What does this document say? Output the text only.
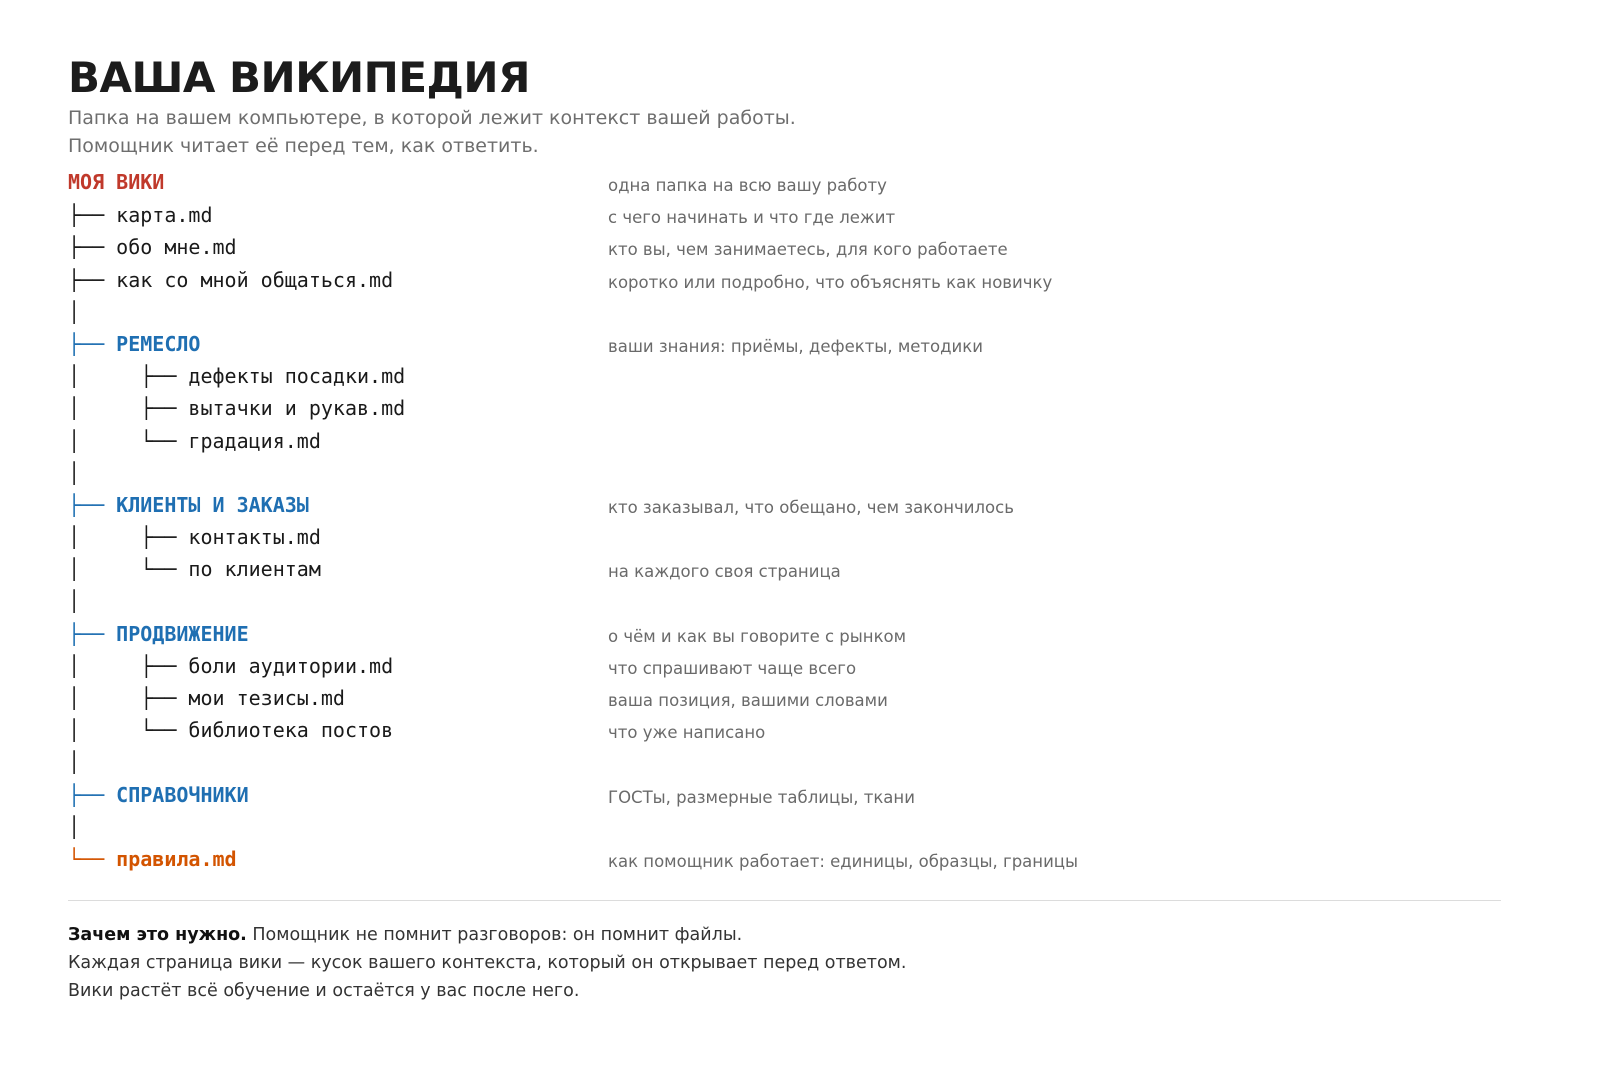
ВАША ВИКИПЕДИЯ

Папка на вашем компьютере, в которой лежит контекст вашей работы.
Помощник читает её перед тем, как ответить.

МОЯ ВИКИ	одна папка на всю вашу работу
├── карта.md	с чего начинать и что где лежит
├── обо мне.md	кто вы, чем занимаетесь, для кого работаете
├── как со мной общаться.md	коротко или подробно, что объяснять как новичку
│
├── РЕМЕСЛО	ваши знания: приёмы, дефекты, методики
│     ├── дефекты посадки.md
│     ├── вытачки и рукав.md
│     └── градация.md
│
├── КЛИЕНТЫ И ЗАКАЗЫ	кто заказывал, что обещано, чем закончилось
│     ├── контакты.md
│     └── по клиентам	на каждого своя страница
│
├── ПРОДВИЖЕНИЕ	о чём и как вы говорите с рынком
│     ├── боли аудитории.md	что спрашивают чаще всего
│     ├── мои тезисы.md	ваша позиция, вашими словами
│     └── библиотека постов	что уже написано
│
├── СПРАВОЧНИКИ	ГОСТы, размерные таблицы, ткани
│
└── правила.md	как помощник работает: единицы, образцы, границы

Зачем это нужно. Помощник не помнит разговоров: он помнит файлы.
Каждая страница вики — кусок вашего контекста, который он открывает перед ответом.
Вики растёт всё обучение и остаётся у вас после него.
